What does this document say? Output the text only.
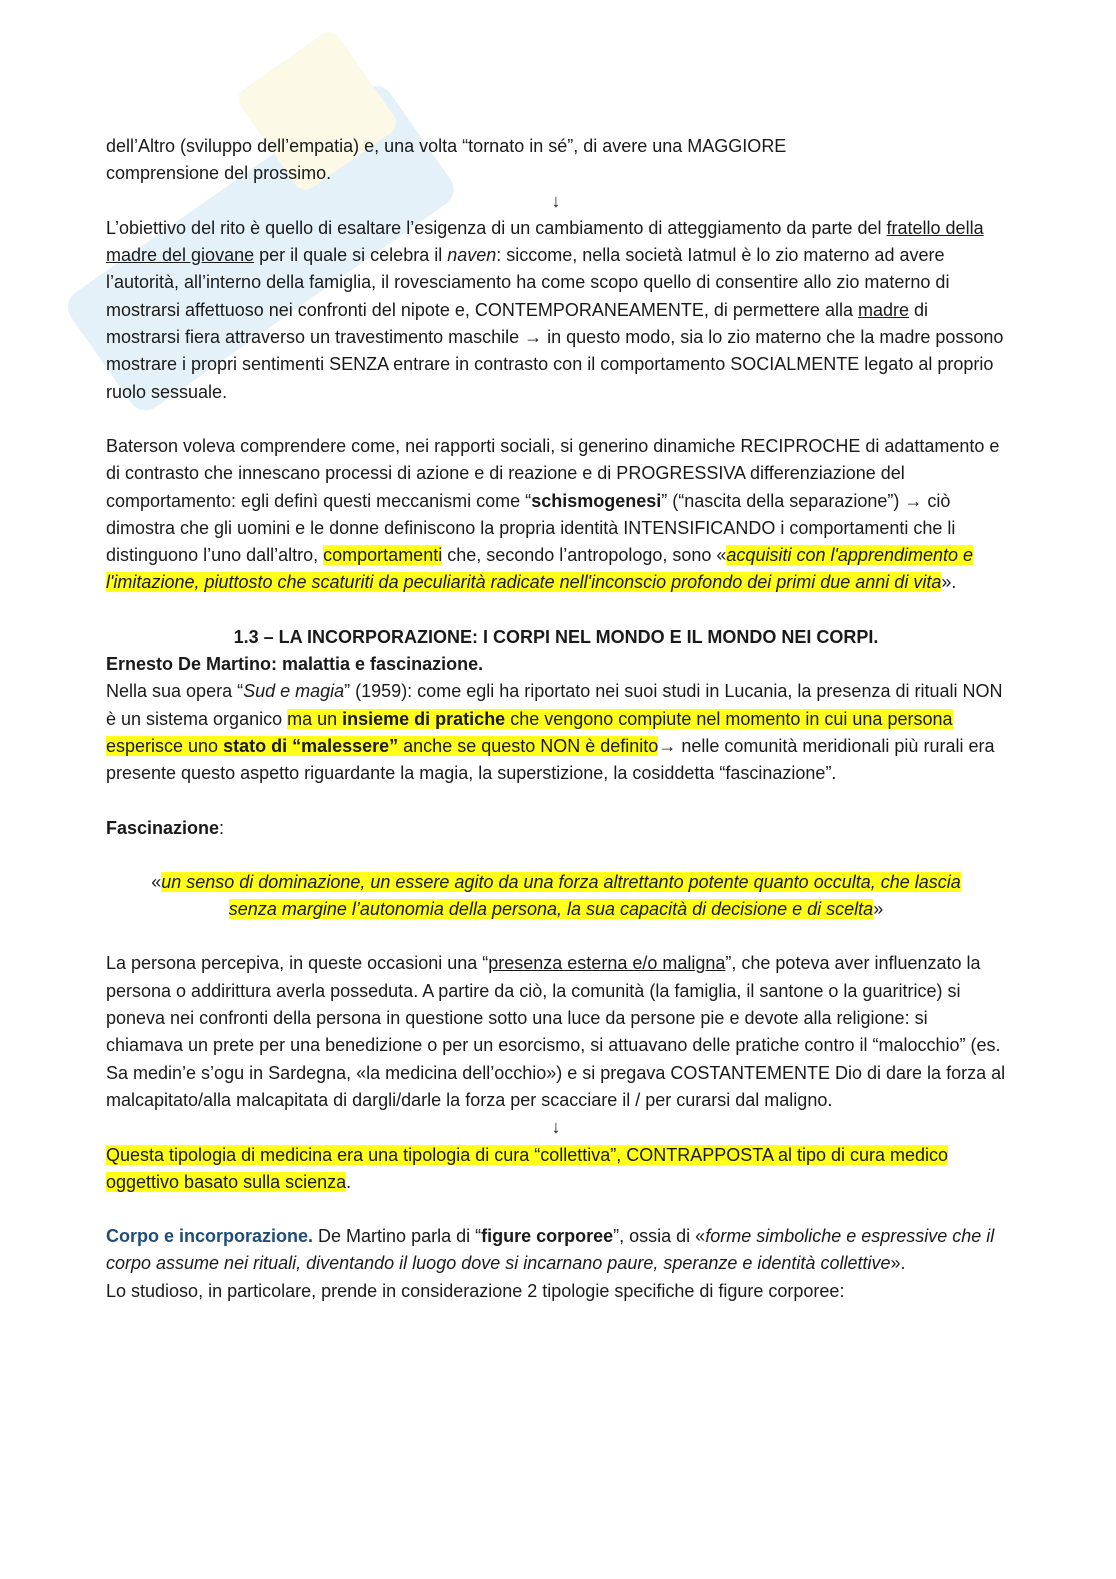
dell’Altro (sviluppo dell’empatia) e, una volta “tornato in sé”, di avere una MAGGIORE
comprensione del prossimo.

↓

L’obiettivo del rito è quello di esaltare l’esigenza di un cambiamento di atteggiamento da parte del fratello della madre del giovane per il quale si celebra il naven: siccome, nella società Iatmul è lo zio materno ad avere l’autorità, all’interno della famiglia, il rovesciamento ha come scopo quello di consentire allo zio materno di mostrarsi affettuoso nei confronti del nipote e, CONTEMPORANEAMENTE, di permettere alla madre di mostrarsi fiera attraverso un travestimento maschile → in questo modo, sia lo zio materno che la madre possono mostrare i propri sentimenti SENZA entrare in contrasto con il comportamento SOCIALMENTE legato al proprio ruolo sessuale.

Baterson voleva comprendere come, nei rapporti sociali, si generino dinamiche RECIPROCHE di adattamento e di contrasto che innescano processi di azione e di reazione e di PROGRESSIVA differenziazione del comportamento: egli definì questi meccanismi come “schismogenesi” (“nascita della separazione”) → ciò dimostra che gli uomini e le donne definiscono la propria identità INTENSIFICANDO i comportamenti che li distinguono l’uno dall’altro, comportamenti che, secondo l’antropologo, sono «acquisiti con l'apprendimento e l'imitazione, piuttosto che scaturiti da peculiarità radicate nell'inconscio profondo dei primi due anni di vita».

1.3 – LA INCORPORAZIONE: I CORPI NEL MONDO E IL MONDO NEI CORPI.

Ernesto De Martino: malattia e fascinazione.

Nella sua opera “Sud e magia” (1959): come egli ha riportato nei suoi studi in Lucania, la presenza di rituali NON è un sistema organico ma un insieme di pratiche che vengono compiute nel momento in cui una persona esperisce uno stato di “malessere” anche se questo NON è definito→ nelle comunità meridionali più rurali era presente questo aspetto riguardante la magia, la superstizione, la cosiddetta “fascinazione”.

Fascinazione:

«un senso di dominazione, un essere agito da una forza altrettanto potente quanto occulta, che lascia senza margine l’autonomia della persona, la sua capacità di decisione e di scelta»

La persona percepiva, in queste occasioni una “presenza esterna e/o maligna”, che poteva aver influenzato la persona o addirittura averla posseduta. A partire da ciò, la comunità (la famiglia, il santone o la guaritrice) si poneva nei confronti della persona in questione sotto una luce da persone pie e devote alla religione: si chiamava un prete per una benedizione o per un esorcismo, si attuavano delle pratiche contro il “malocchio” (es. Sa medin’e s’ogu in Sardegna, «la medicina dell’occhio») e si pregava COSTANTEMENTE Dio di dare la forza al malcapitato/alla malcapitata di dargli/darle la forza per scacciare il / per curarsi dal maligno.

↓

Questa tipologia di medicina era una tipologia di cura “collettiva”, CONTRAPPOSTA al tipo di cura medico oggettivo basato sulla scienza.

Corpo e incorporazione. De Martino parla di “figure corporee”, ossia di «forme simboliche e espressive che il corpo assume nei rituali, diventando il luogo dove si incarnano paure, speranze e identità collettive».

Lo studioso, in particolare, prende in considerazione 2 tipologie specifiche di figure corporee:
